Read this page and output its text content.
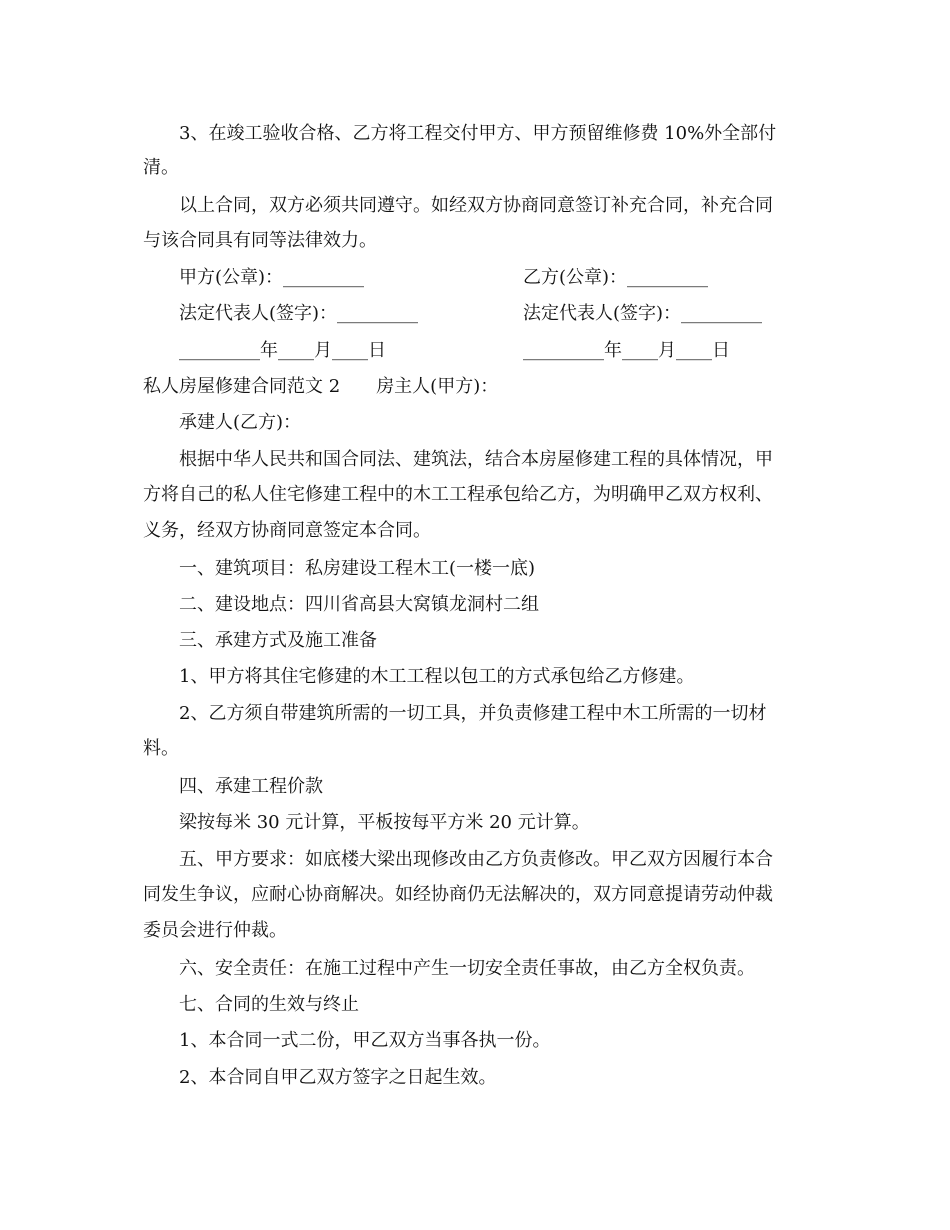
3、在竣工验收合格、乙方将工程交付甲方、甲方预留维修费 10%外全部付
清。
以上合同，双方必须共同遵守。如经双方协商同意签订补充合同，补充合同
与该合同具有同等法律效力。
甲方(公章)：_________	乙方(公章)：_________
法定代表人(签字)：_________	法定代表人(签字)：_________
_________年____月____日	_________年____月____日
私人房屋修建合同范文 2 房主人(甲方)：
承建人(乙方)：
根据中华人民共和国合同法、建筑法，结合本房屋修建工程的具体情况，甲
方将自己的私人住宅修建工程中的木工工程承包给乙方，为明确甲乙双方权利、
义务，经双方协商同意签定本合同。
一、建筑项目：私房建设工程木工(一楼一底)
二、建设地点：四川省高县大窝镇龙洞村二组
三、承建方式及施工准备
1、甲方将其住宅修建的木工工程以包工的方式承包给乙方修建。
2、乙方须自带建筑所需的一切工具，并负责修建工程中木工所需的一切材
料。
四、承建工程价款
梁按每米 30 元计算，平板按每平方米 20 元计算。
五、甲方要求：如底楼大梁出现修改由乙方负责修改。甲乙双方因履行本合
同发生争议，应耐心协商解决。如经协商仍无法解决的，双方同意提请劳动仲裁
委员会进行仲裁。
六、安全责任：在施工过程中产生一切安全责任事故，由乙方全权负责。
七、合同的生效与终止
1、本合同一式二份，甲乙双方当事各执一份。
2、本合同自甲乙双方签字之日起生效。
